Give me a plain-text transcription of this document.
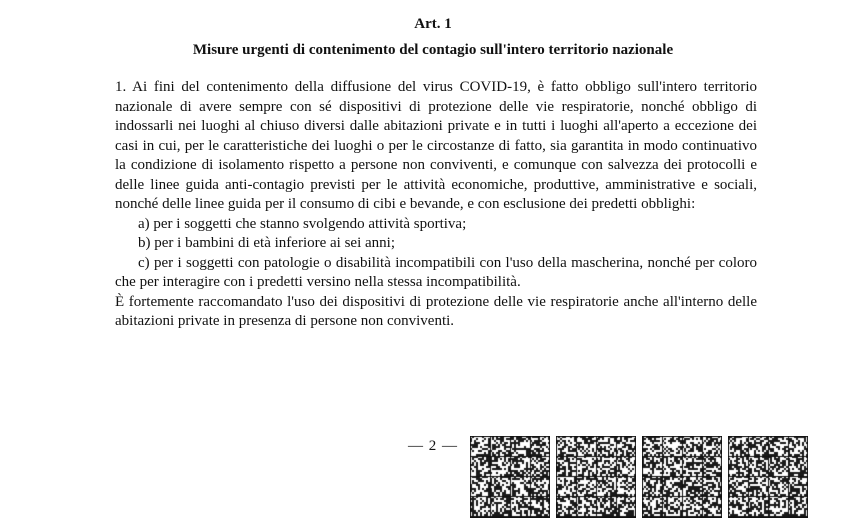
Art. 1
Misure urgenti di contenimento del contagio sull'intero territorio nazionale

1. Ai fini del contenimento della diffusione del virus COVID-19, è fatto obbligo sull'intero territorio nazionale di avere sempre con sé dispositivi di protezione delle vie respiratorie, nonché obbligo di indossarli nei luoghi al chiuso diversi dalle abitazioni private e in tutti i luoghi all'aperto a eccezione dei casi in cui, per le caratteristiche dei luoghi o per le circostanze di fatto, sia garantita in modo continuativo la condizione di isolamento rispetto a persone non conviventi, e comunque con salvezza dei protocolli e delle linee guida anti-contagio previsti per le attività economiche, produttive, amministrative e sociali, nonché delle linee guida per il consumo di cibi e bevande, e con esclusione dei predetti obblighi:

a) per i soggetti che stanno svolgendo attività sportiva;

b) per i bambini di età inferiore ai sei anni;

c) per i soggetti con patologie o disabilità incompatibili con l'uso della mascherina, nonché per coloro che per interagire con i predetti versino nella stessa incompatibilità.

È fortemente raccomandato l'uso dei dispositivi di protezione delle vie respiratorie anche all'interno delle abitazioni private in presenza di persone non conviventi.

— 2 —
